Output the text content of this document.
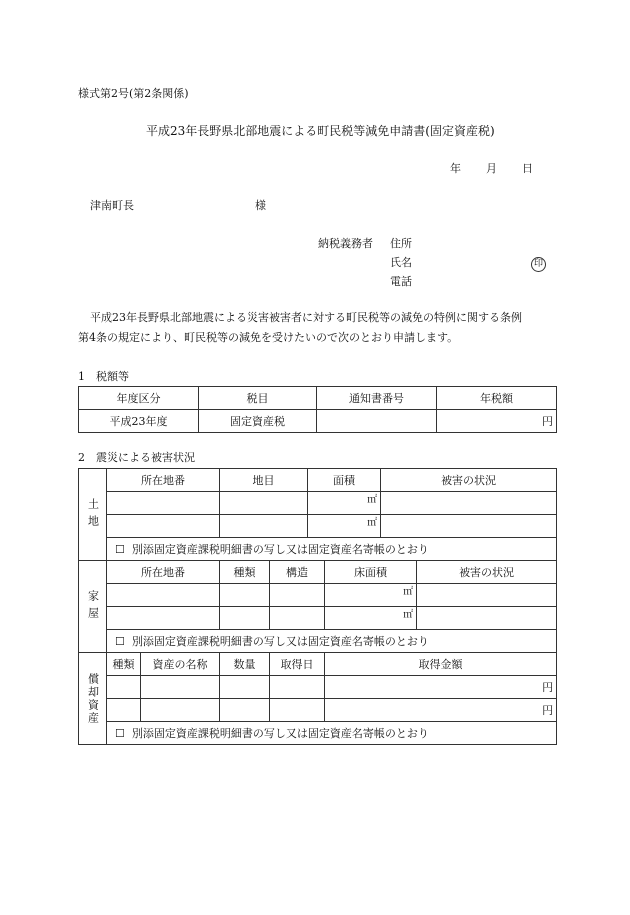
様式第2号(第2条関係)
平成23年長野県北部地震による町民税等減免申請書(固定資産税)
年 月 日
津南町長	様
納税義務者 住所
氏名	印
電話
平成23年長野県北部地震による災害被害者に対する町民税等の減免の特例に関する条例
第4条の規定により、町民税等の減免を受けたいので次のとおり申請します。
1　税額等
年度区分	税目	通知書番号	年税額
平成23年度	固定資産税		円
2　震災による被害状況
土地	所在地番		地目		面積		被害の状況		
					㎡				
					㎡				
	☐ 別添固定資産課税明細書の写し又は固定資産名寄帳のとおり								
家屋	所在地番		種類	構造		床面積		被害の状況	
						㎡			
						㎡			
	☐ 別添固定資産課税明細書の写し又は固定資産名寄帳のとおり								
償却資産	種類	資産の名称	数量	取得日		取得金額	
						円			
						円			
	☐ 別添固定資産課税明細書の写し又は固定資産名寄帳のとおり								
